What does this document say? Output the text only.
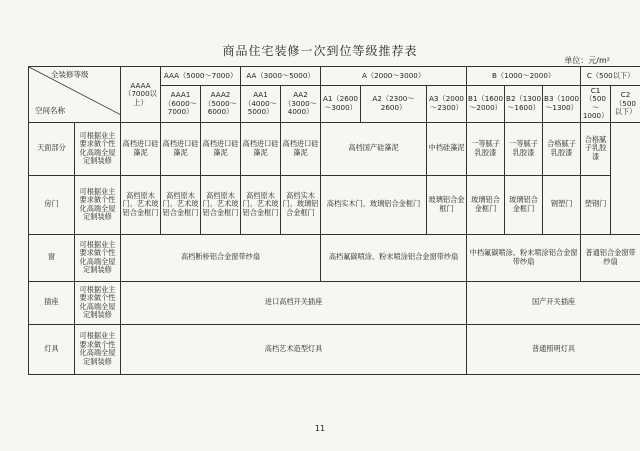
商品住宅装修一次到位等级推荐表
单位：元/m²
全装修等级
空间名称		AAAA（7000以上）	AAA（5000～7000）		AA（3000～5000）		A（2000～3000）			B（1000～2000）			C（500以下）	
			AAA1（6000～7000）	AAA2（5000～6000）	AA1（4000～5000）	AA2（3000～4000）	A1（2600～3000）	A2（2300～2600）	A3（2000～2300）	B1（1600～2000）	B2（1300～1600）	B3（1000～1300）	C1（500～1000）	C2（500以下）
天面部分	可根据业主要求做个性化高端全屋定制装修	高档进口硅藻泥	高档进口硅藻泥	高档进口硅藻泥	高档进口硅藻泥	高档进口硅藻泥	高档国产硅藻泥		中档硅藻泥	一等腻子乳胶漆	一等腻子乳胶漆	合格腻子乳胶漆	合格腻子乳胶漆	
房门	可根据业主要求做个性化高端全屋定制装修	高档原木门、艺术玻铝合金框门	高档原木门、艺术玻铝合金框门	高档原木门、艺术玻铝合金框门	高档原木门、艺术玻铝合金框门	高档实木门、玻璃铝合金框门	高档实木门、玻璃铝合金框门		玻璃铝合金框门	玻璃铝合金框门	玻璃铝合金框门	钢塑门	塑钢门	
窗	可根据业主要求做个性化高端全屋定制装修	高档断桥铝合金窗带纱扇					高档氟碳喷涂、粉末喷涂铝合金窗带纱扇			中档氟碳喷涂、粉末喷涂铝合金窗带纱扇			普通铝合金窗带纱扇	
插座	可根据业主要求做个性化高端全屋定制装修	进口高档开关插座								国产开关插座				
灯具	可根据业主要求做个性化高端全屋定制装修	高档艺术造型灯具								普通照明灯具				
11
